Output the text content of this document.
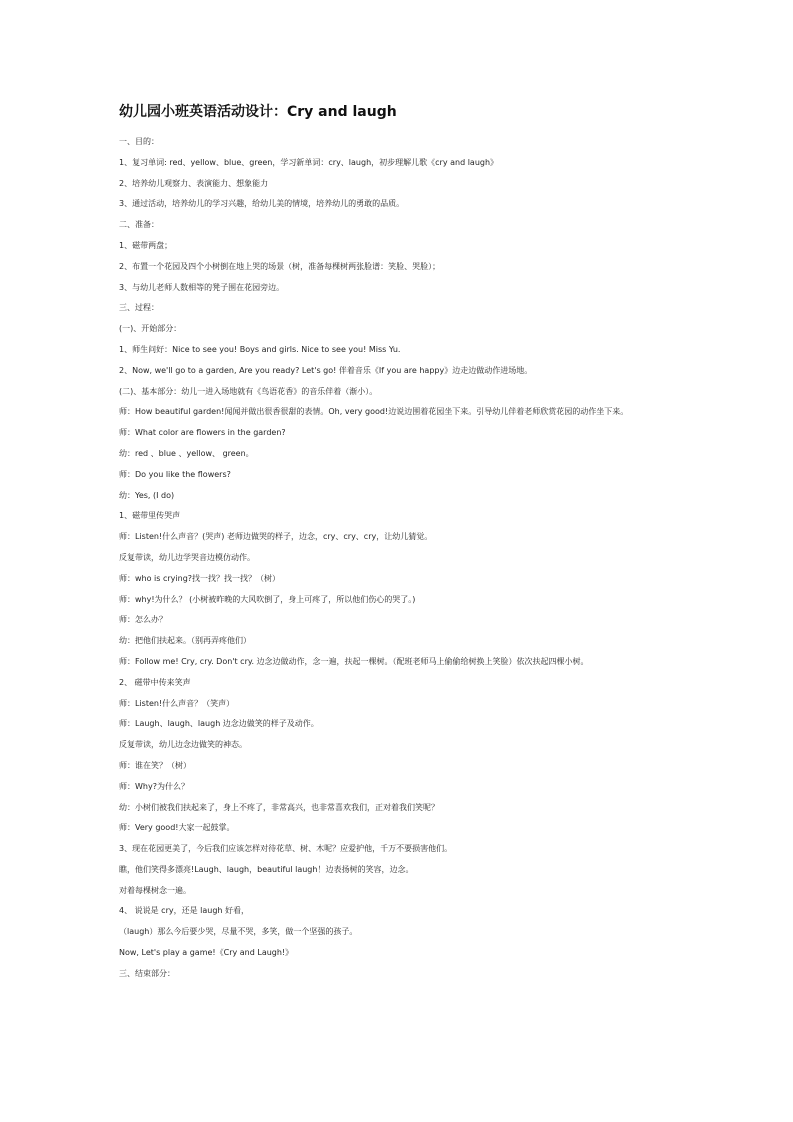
幼儿园小班英语活动设计：Cry and laugh
一、目的：
1、复习单词: red、yellow、blue、green，学习新单词：cry、laugh，初步理解儿歌《cry and laugh》
2、培养幼儿观察力、表演能力、想象能力
3、通过活动，培养幼儿的学习兴趣，给幼儿美的情境，培养幼儿的勇敢的品质。
二、准备：
1、磁带两盘；
2、布置一个花园及四个小树倒在地上哭的场景（树，准备每棵树两张脸谱：笑脸、哭脸）；
3、与幼儿老师人数相等的凳子围在花园旁边。
三、过程：
(一)、开始部分：
1、师生问好：Nice to see you! Boys and girls. Nice to see you! Miss Yu.
2、Now, we'll go to a garden, Are you ready? Let's go! 伴着音乐《If you are happy》边走边做动作进场地。
(二)、基本部分：幼儿一进入场地就有《鸟语花香》的音乐伴着（渐小）。
师：How beautiful garden!闻闻并做出很香很甜的表情。Oh, very good!边说边围着花园坐下来。引导幼儿伴着老师欣赏花园的动作坐下来。
师：What color are flowers in the garden?
幼：red 、blue 、yellow、 green。
师：Do you like the flowers?
幼：Yes, (I do)
1、磁带里传哭声
师：Listen!什么声音？(哭声) 老师边做哭的样子，边念，cry、cry、cry，让幼儿猜觉。
反复带读，幼儿边学哭音边模仿动作。
师：who is crying?找一找？找一找？（树）
师：why!为什么？ (小树被昨晚的大风吹倒了，身上可疼了，所以他们伤心的哭了。)
师：怎么办？
幼：把他们扶起来。（别再弄疼他们）
师：Follow me! Cry, cry. Don't cry. 边念边做动作，念一遍，扶起一棵树。（配班老师马上偷偷给树换上笑脸）依次扶起四棵小树。
2、 磁带中传来笑声
师：Listen!什么声音？（笑声）
师：Laugh、laugh、laugh 边念边做笑的样子及动作。
反复带读，幼儿边念边做笑的神态。
师：谁在笑？（树）
师：Why?为什么？
幼：小树们被我们扶起来了，身上不疼了，非常高兴，也非常喜欢我们，正对着我们笑呢？
师：Very good!大家一起鼓掌。
3、现在花园更美了，今后我们应该怎样对待花草、树、木呢？应爱护他，千万不要损害他们。
瞧，他们笑得多漂亮!Laugh、laugh，beautiful laugh！边表扬树的笑容，边念。
对着每棵树念一遍。
4、 说说是 cry，还是 laugh 好看，
（laugh）那么今后要少哭，尽量不哭，多笑，做一个坚强的孩子。
Now, Let's play a game!《Cry and Laugh!》
三、结束部分：
